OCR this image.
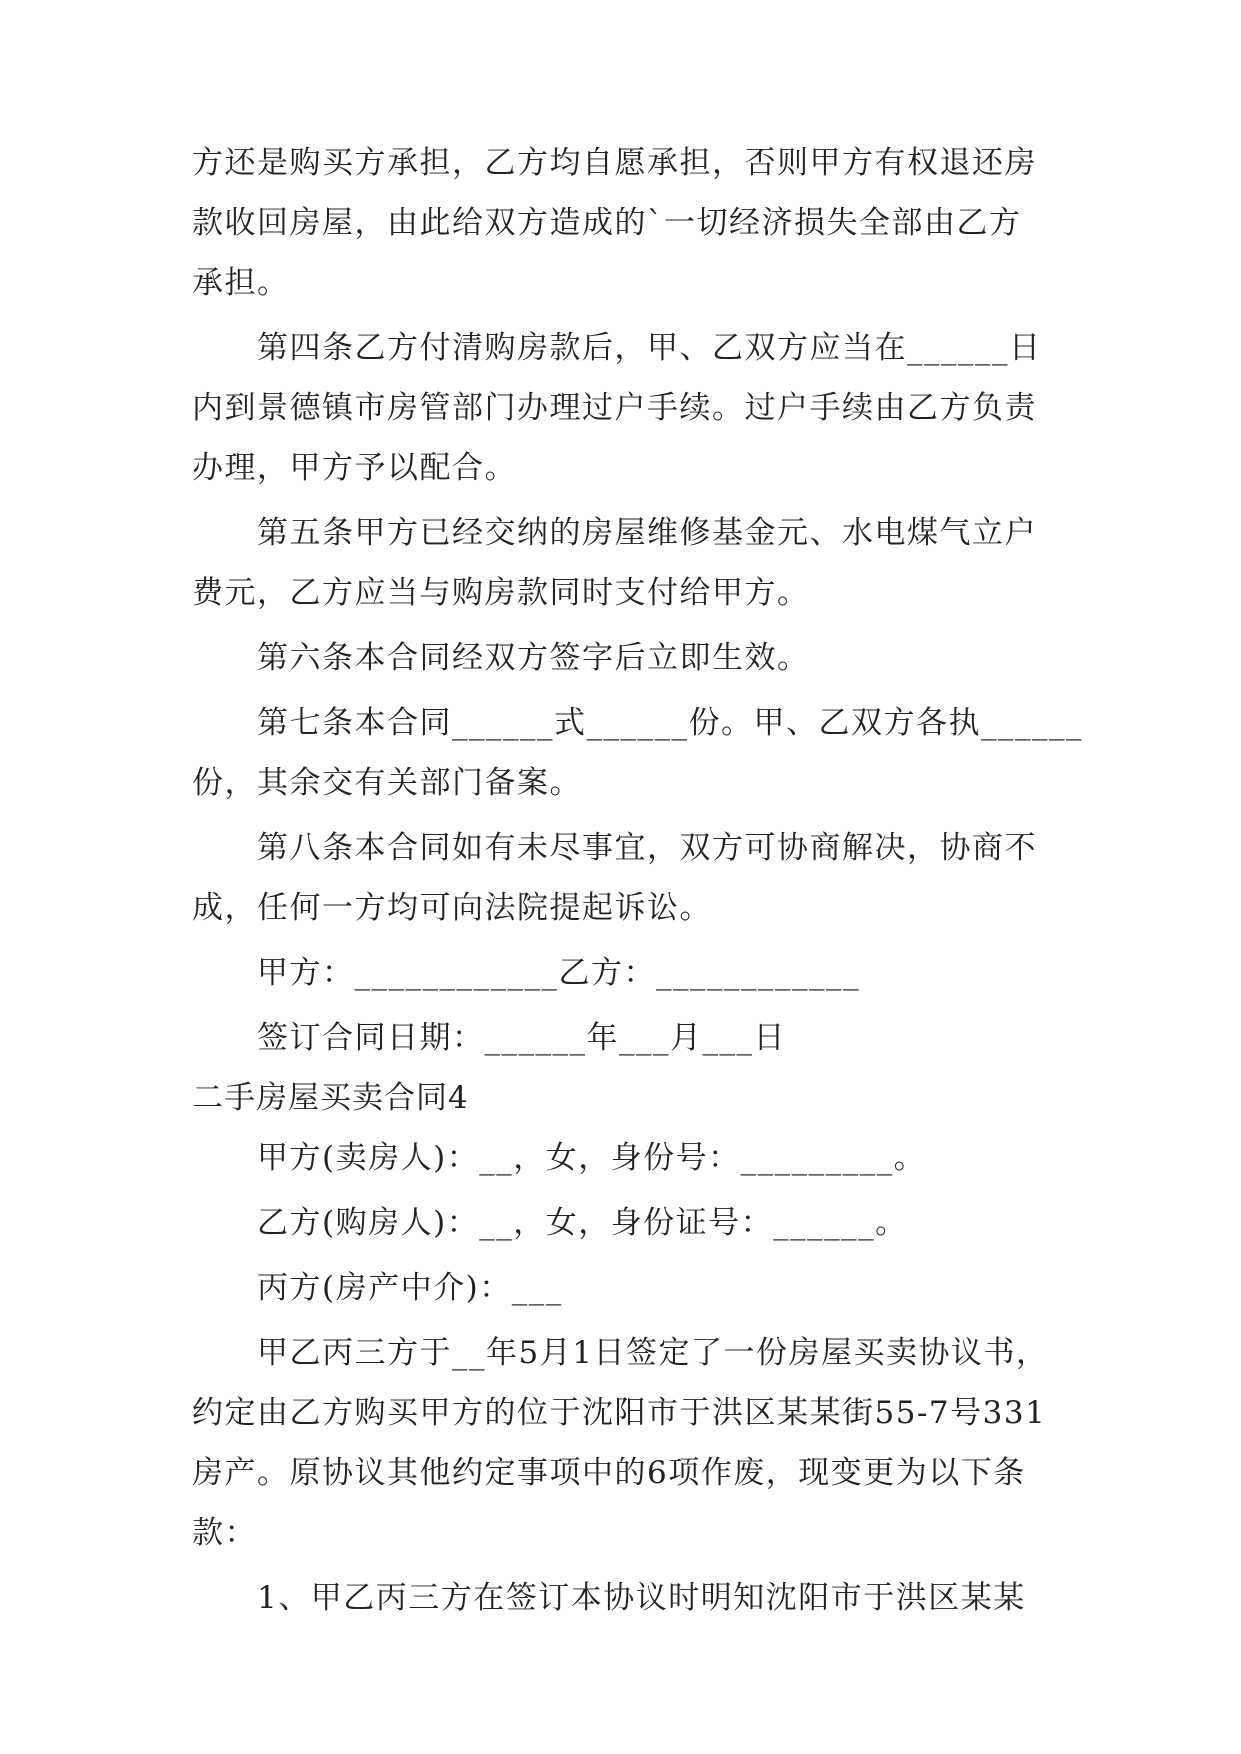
方还是购买方承担，乙方均自愿承担，否则甲方有权退还房
款收回房屋，由此给双方造成的`一切经济损失全部由乙方
承担。
第四条乙方付清购房款后，甲、乙双方应当在______日
内到景德镇市房管部门办理过户手续。过户手续由乙方负责
办理，甲方予以配合。
第五条甲方已经交纳的房屋维修基金元、水电煤气立户
费元，乙方应当与购房款同时支付给甲方。
第六条本合同经双方签字后立即生效。
第七条本合同______式______份。甲、乙双方各执______
份，其余交有关部门备案。
第八条本合同如有未尽事宜，双方可协商解决，协商不
成，任何一方均可向法院提起诉讼。
甲方：____________乙方：____________
签订合同日期：______年___月___日
二手房屋买卖合同4
甲方(卖房人)：__，女，身份号：_________。
乙方(购房人)：__，女，身份证号：______。
丙方(房产中介)：___
甲乙丙三方于__年5月1日签定了一份房屋买卖协议书，
约定由乙方购买甲方的位于沈阳市于洪区某某街55-7号331
房产。原协议其他约定事项中的6项作废，现变更为以下条
款：
1、甲乙丙三方在签订本协议时明知沈阳市于洪区某某
